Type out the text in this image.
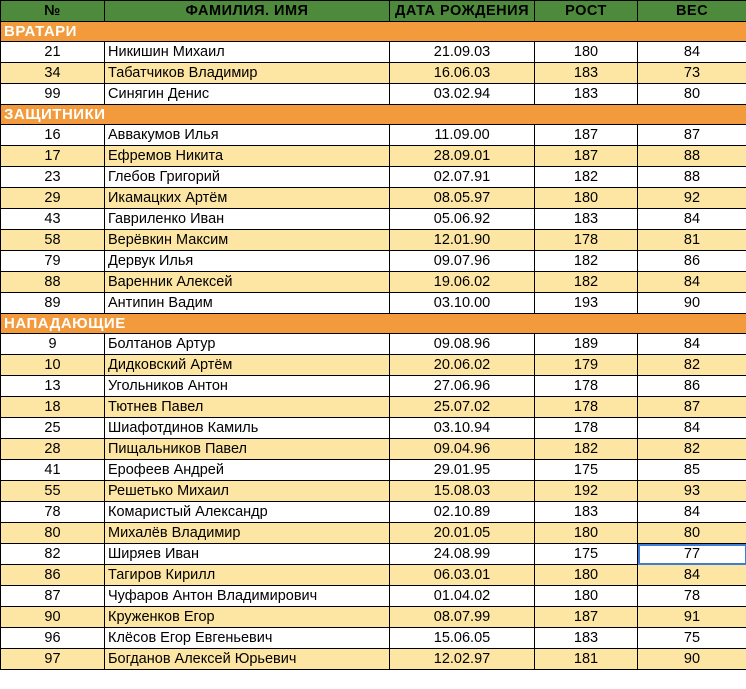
№	ФАМИЛИЯ. ИМЯ	ДАТА РОЖДЕНИЯ	РОСТ	ВЕС
ВРАТАРИ				
21	Никишин Михаил	21.09.03	180	84
34	Табатчиков Владимир	16.06.03	183	73
99	Синягин Денис	03.02.94	183	80
ЗАЩИТНИКИ				
16	Аввакумов Илья	11.09.00	187	87
17	Ефремов Никита	28.09.01	187	88
23	Глебов Григорий	02.07.91	182	88
29	Икамацких Артём	08.05.97	180	92
43	Гавриленко Иван	05.06.92	183	84
58	Верёвкин Максим	12.01.90	178	81
79	Дервук Илья	09.07.96	182	86
88	Варенник Алексей	19.06.02	182	84
89	Антипин Вадим	03.10.00	193	90
НАПАДАЮЩИЕ				
9	Болтанов Артур	09.08.96	189	84
10	Дидковский Артём	20.06.02	179	82
13	Угольников Антон	27.06.96	178	86
18	Тютнев Павел	25.07.02	178	87
25	Шиафотдинов Камиль	03.10.94	178	84
28	Пищальников Павел	09.04.96	182	82
41	Ерофеев Андрей	29.01.95	175	85
55	Решетько Михаил	15.08.03	192	93
78	Комаристый Александр	02.10.89	183	84
80	Михалёв Владимир	20.01.05	180	80
82	Ширяев Иван	24.08.99	175	77
86	Тагиров Кирилл	06.03.01	180	84
87	Чуфаров Антон Владимирович	01.04.02	180	78
90	Круженков Егор	08.07.99	187	91
96	Клёсов Егор Евгеньевич	15.06.05	183	75
97	Богданов Алексей Юрьевич	12.02.97	181	90
